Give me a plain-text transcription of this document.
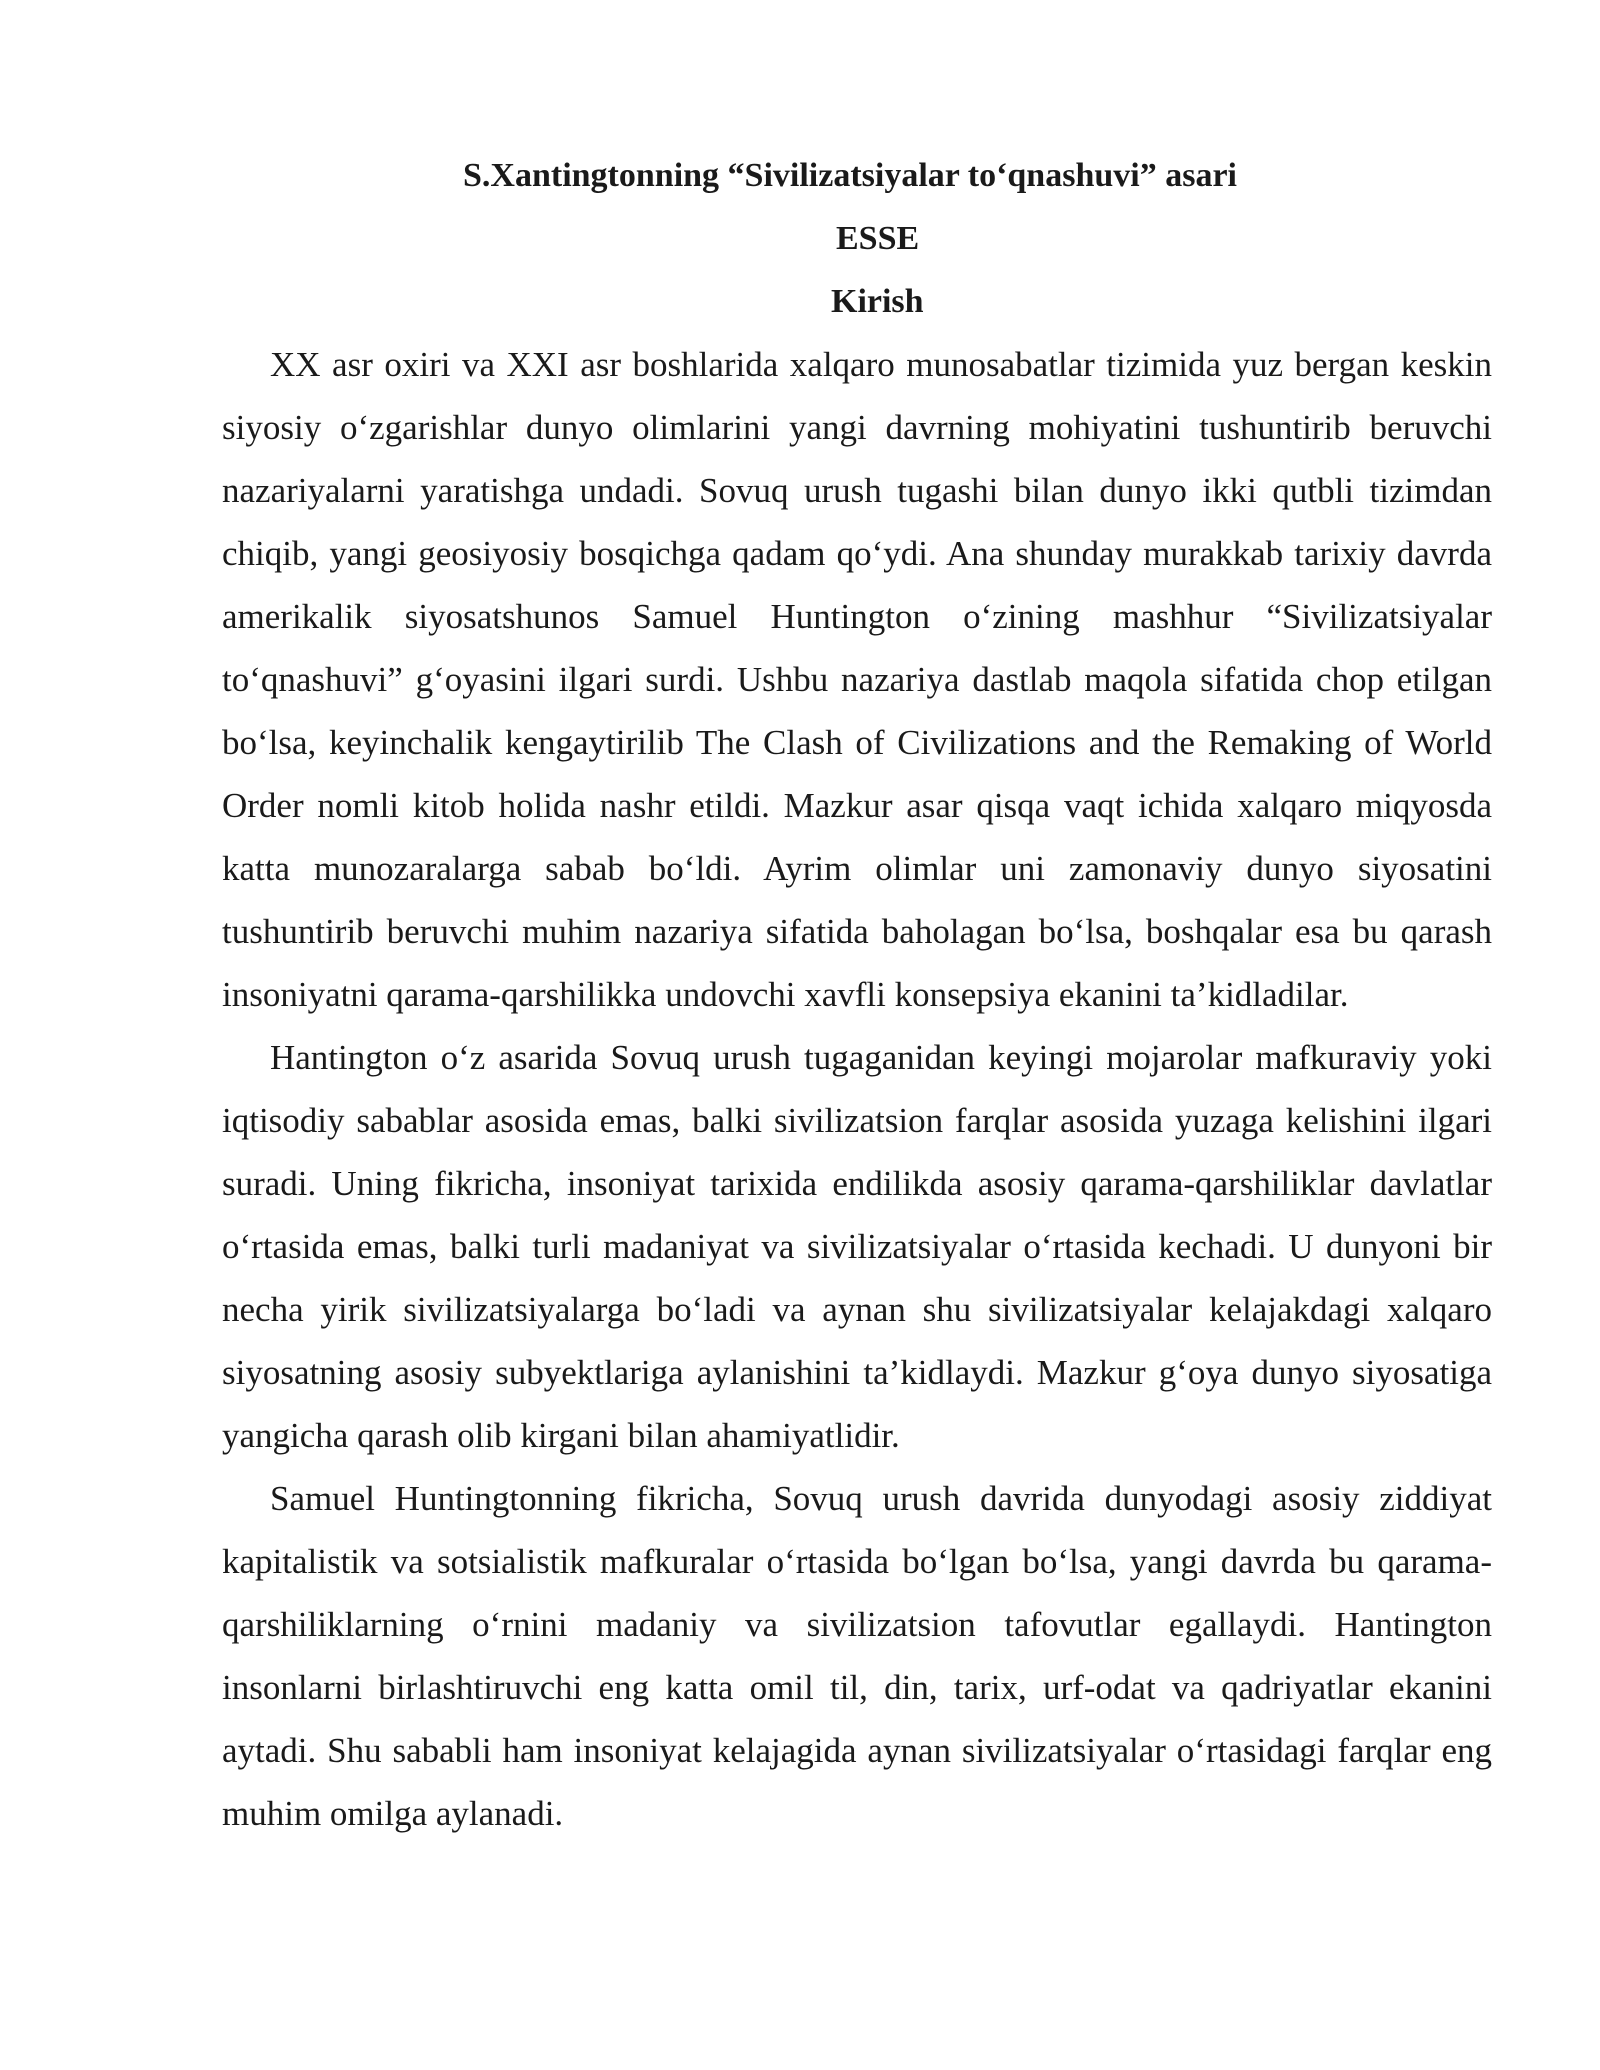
S.Xantingtonning “Sivilizatsiyalar to‘qnashuvi” asari
ESSE
Kirish

XX asr oxiri va XXI asr boshlarida xalqaro munosabatlar tizimida yuz bergan keskin siyosiy o‘zgarishlar dunyo olimlarini yangi davrning mohiyatini tushuntirib beruvchi nazariyalarni yaratishga undadi. Sovuq urush tugashi bilan dunyo ikki qutbli tizimdan chiqib, yangi geosiyosiy bosqichga qadam qo‘ydi. Ana shunday murakkab tarixiy davrda amerikalik siyosatshunos Samuel Huntington o‘zining mashhur “Sivilizatsiyalar to‘qnashuvi” g‘oyasini ilgari surdi. Ushbu nazariya dastlab maqola sifatida chop etilgan bo‘lsa, keyinchalik kengaytirilib The Clash of Civilizations and the Remaking of World Order nomli kitob holida nashr etildi. Mazkur asar qisqa vaqt ichida xalqaro miqyosda katta munozaralarga sabab bo‘ldi. Ayrim olimlar uni zamonaviy dunyo siyosatini tushuntirib beruvchi muhim nazariya sifatida baholagan bo‘lsa, boshqalar esa bu qarash insoniyatni qarama-qarshilikka undovchi xavfli konsepsiya ekanini ta’kidladilar.

Hantington o‘z asarida Sovuq urush tugaganidan keyingi mojarolar mafkuraviy yoki iqtisodiy sabablar asosida emas, balki sivilizatsion farqlar asosida yuzaga kelishini ilgari suradi. Uning fikricha, insoniyat tarixida endilikda asosiy qarama-qarshiliklar davlatlar o‘rtasida emas, balki turli madaniyat va sivilizatsiyalar o‘rtasida kechadi. U dunyoni bir necha yirik sivilizatsiyalarga bo‘ladi va aynan shu sivilizatsiyalar kelajakdagi xalqaro siyosatning asosiy subyektlariga aylanishini ta’kidlaydi. Mazkur g‘oya dunyo siyosatiga yangicha qarash olib kirgani bilan ahamiyatlidir.

Samuel Huntingtonning fikricha, Sovuq urush davrida dunyodagi asosiy ziddiyat kapitalistik va sotsialistik mafkuralar o‘rtasida bo‘lgan bo‘lsa, yangi davrda bu qarama-qarshiliklarning o‘rnini madaniy va sivilizatsion tafovutlar egallaydi. Hantington insonlarni birlashtiruvchi eng katta omil til, din, tarix, urf-odat va qadriyatlar ekanini aytadi. Shu sababli ham insoniyat kelajagida aynan sivilizatsiyalar o‘rtasidagi farqlar eng muhim omilga aylanadi.
